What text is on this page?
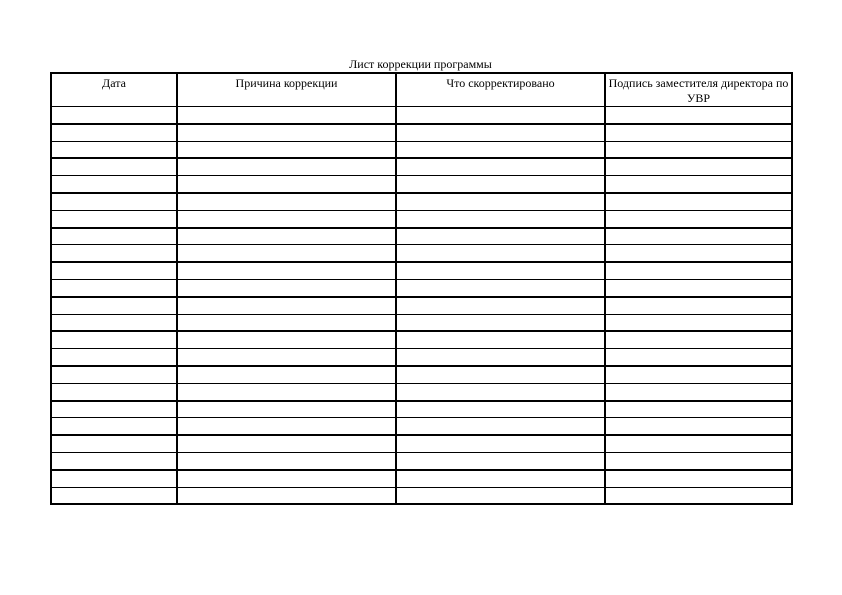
Лист коррекции программы
Дата	Причина коррекции	Что скорректировано	Подпись заместителя директора по УВР
